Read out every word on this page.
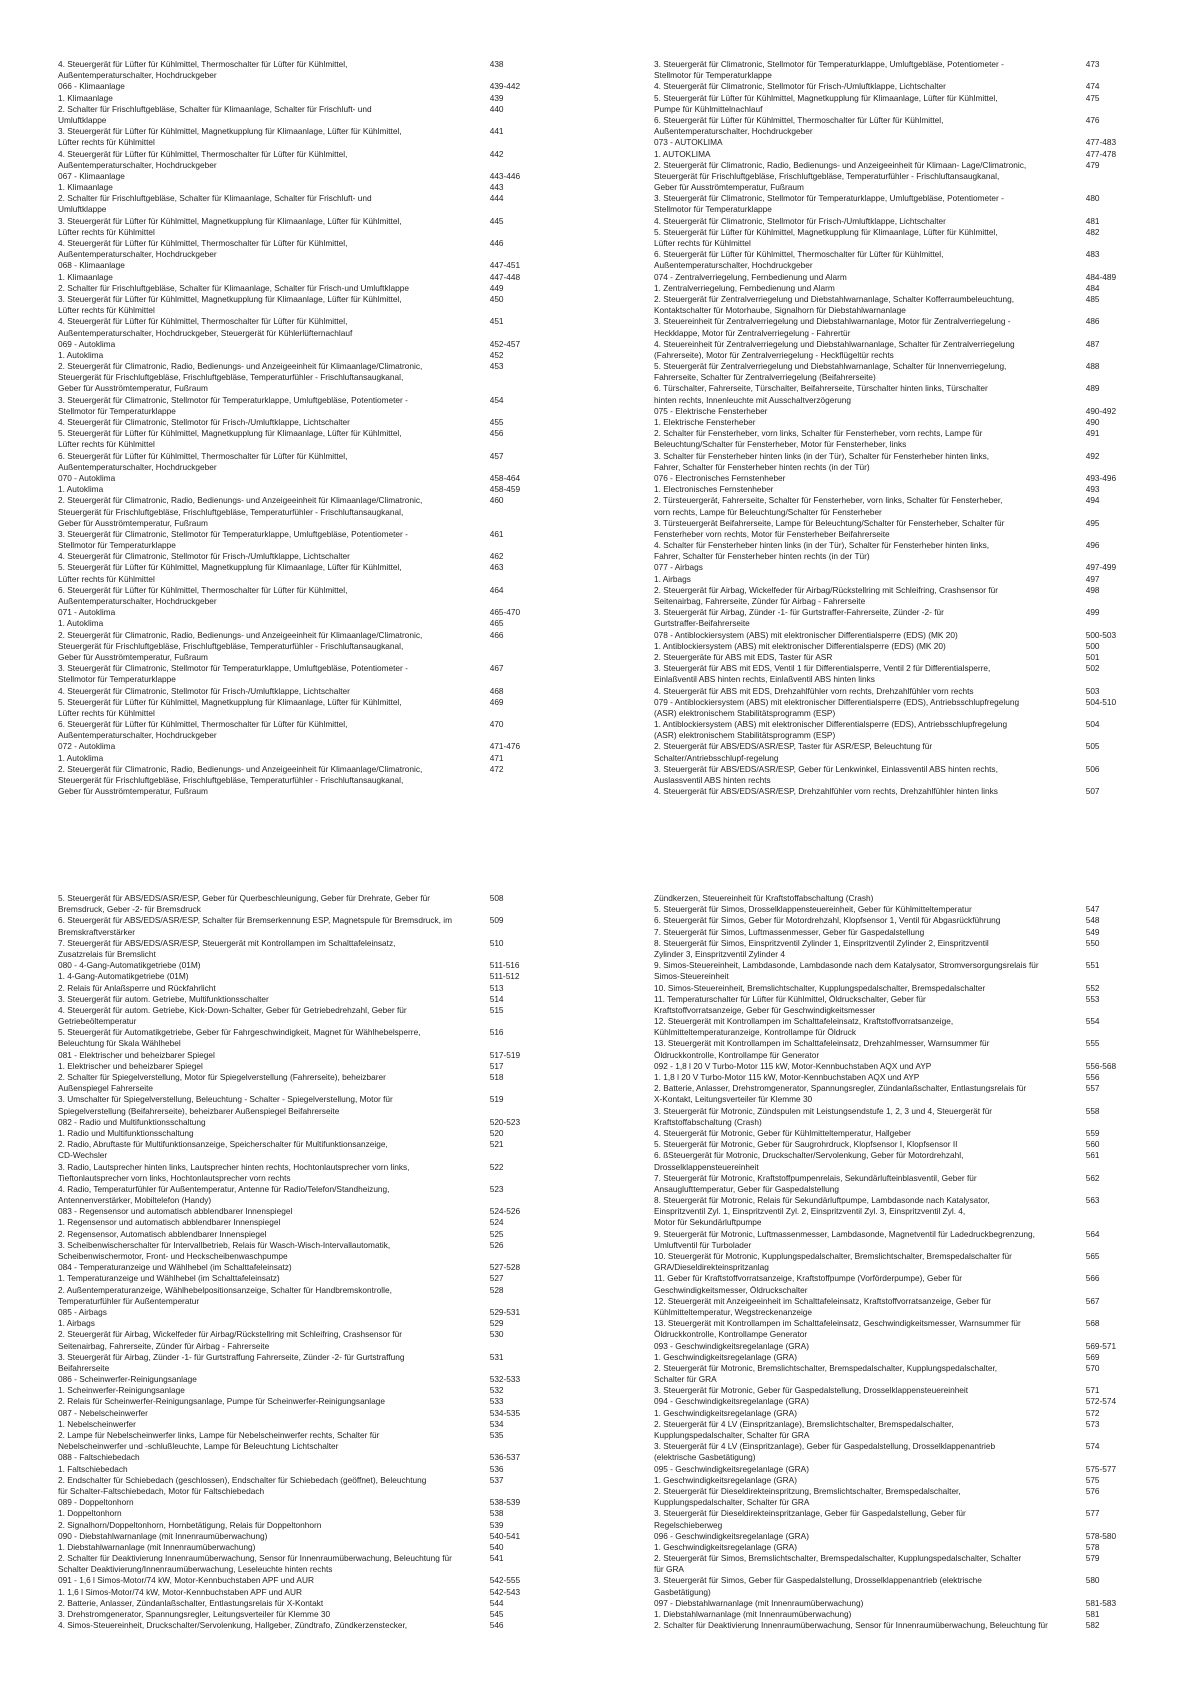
4. Steuergerät für Lüfter für Kühlmittel, Thermoschalter für Lüfter für Kühlmittel,	438
Außentemperaturschalter, Hochdruckgeber
066 - Klimaanlage	439-442
1. Klimaanlage	439
2. Schalter für Frischluftgebläse, Schalter für Klimaanlage, Schalter für Frischluft- und	440
Umluftklappe
3. Steuergerät für Lüfter für Kühlmittel, Magnetkupplung für Klimaanlage, Lüfter für Kühlmittel,	441
Lüfter rechts für Kühlmittel
4. Steuergerät für Lüfter für Kühlmittel, Thermoschalter für Lüfter für Kühlmittel,	442
Außentemperaturschalter, Hochdruckgeber
067 - Klimaanlage	443-446
1. Klimaanlage	443
2. Schalter für Frischluftgebläse, Schalter für Klimaanlage, Schalter für Frischluft- und	444
Umluftklappe
3. Steuergerät für Lüfter für Kühlmittel, Magnetkupplung für Klimaanlage, Lüfter für Kühlmittel,	445
Lüfter rechts für Kühlmittel
4. Steuergerät für Lüfter für Kühlmittel, Thermoschalter für Lüfter für Kühlmittel,	446
Außentemperaturschalter, Hochdruckgeber
068 - Klimaanlage	447-451
1. Klimaanlage	447-448
2. Schalter für Frischluftgebläse, Schalter für Klimaanlage, Schalter für Frisch-und Umluftklappe	449
3. Steuergerät für Lüfter für Kühlmittel, Magnetkupplung für Klimaanlage, Lüfter für Kühlmittel,	450
Lüfter rechts für Kühlmittel
4. Steuergerät für Lüfter für Kühlmittel, Thermoschalter für Lüfter für Kühlmittel,	451
Außentemperaturschalter, Hochdruckgeber, Steuergerät für Kühlerlüfternachlauf
069 - Autoklima	452-457
1. Autoklima	452
2. Steuergerät für Climatronic, Radio, Bedienungs- und Anzeigeeinheit für Klimaanlage/Climatronic,	453
Steuergerät für Frischluftgebläse, Frischluftgebläse, Temperaturfühler - Frischluftansaugkanal,
Geber für Ausströmtemperatur, Fußraum
3. Steuergerät für Climatronic, Stellmotor für Temperaturklappe, Umluftgebläse, Potentiometer -	454
Stellmotor für Temperaturklappe
4. Steuergerät für Climatronic, Stellmotor für Frisch-/Umluftklappe, Lichtschalter	455
5. Steuergerät für Lüfter für Kühlmittel, Magnetkupplung für Klimaanlage, Lüfter für Kühlmittel,	456
Lüfter rechts für Kühlmittel
6. Steuergerät für Lüfter für Kühlmittel, Thermoschalter für Lüfter für Kühlmittel,	457
Außentemperaturschalter, Hochdruckgeber
070 - Autoklima	458-464
1. Autoklima	458-459
2. Steuergerät für Climatronic, Radio, Bedienungs- und Anzeigeeinheit für Klimaanlage/Climatronic,	460
Steuergerät für Frischluftgebläse, Frischluftgebläse, Temperaturfühler - Frischluftansaugkanal,
Geber für Ausströmtemperatur, Fußraum
3. Steuergerät für Climatronic, Stellmotor für Temperaturklappe, Umluftgebläse, Potentiometer -	461
Stellmotor für Temperaturklappe
4. Steuergerät für Climatronic, Stellmotor für Frisch-/Umluftklappe, Lichtschalter	462
5. Steuergerät für Lüfter für Kühlmittel, Magnetkupplung für Klimaanlage, Lüfter für Kühlmittel,	463
Lüfter rechts für Kühlmittel
6. Steuergerät für Lüfter für Kühlmittel, Thermoschalter für Lüfter für Kühlmittel,	464
Außentemperaturschalter, Hochdruckgeber
071 - Autoklima	465-470
1. Autoklima	465
2. Steuergerät für Climatronic, Radio, Bedienungs- und Anzeigeeinheit für Klimaanlage/Climatronic,	466
Steuergerät für Frischluftgebläse, Frischluftgebläse, Temperaturfühler - Frischluftansaugkanal,
Geber für Ausströmtemperatur, Fußraum
3. Steuergerät für Climatronic, Stellmotor für Temperaturklappe, Umluftgebläse, Potentiometer -	467
Stellmotor für Temperaturklappe
4. Steuergerät für Climatronic, Stellmotor für Frisch-/Umluftklappe, Lichtschalter	468
5. Steuergerät für Lüfter für Kühlmittel, Magnetkupplung für Klimaanlage, Lüfter für Kühlmittel,	469
Lüfter rechts für Kühlmittel
6. Steuergerät für Lüfter für Kühlmittel, Thermoschalter für Lüfter für Kühlmittel,	470
Außentemperaturschalter, Hochdruckgeber
072 - Autoklima	471-476
1. Autoklima	471
2. Steuergerät für Climatronic, Radio, Bedienungs- und Anzeigeeinheit für Klimaanlage/Climatronic,	472
Steuergerät für Frischluftgebläse, Frischluftgebläse, Temperaturfühler - Frischluftansaugkanal,
Geber für Ausströmtemperatur, Fußraum
3. Steuergerät für Climatronic, Stellmotor für Temperaturklappe, Umluftgebläse, Potentiometer -	473
Stellmotor für Temperaturklappe
4. Steuergerät für Climatronic, Stellmotor für Frisch-/Umluftklappe, Lichtschalter	474
5. Steuergerät für Lüfter für Kühlmittel, Magnetkupplung für Klimaanlage, Lüfter für Kühlmittel,	475
Pumpe für Kühlmittelnachlauf
6. Steuergerät für Lüfter für Kühlmittel, Thermoschalter für Lüfter für Kühlmittel,	476
Außentemperaturschalter, Hochdruckgeber
073 - AUTOKLIMA	477-483
1. AUTOKLIMA	477-478
2. Steuergerät für Climatronic, Radio, Bedienungs- und Anzeigeeinheit für Klimaan- Lage/Climatronic,	479
Steuergerät für Frischluftgebläse, Frischluftgebläse, Temperaturfühler - Frischluftansaugkanal,
Geber für Ausströmtemperatur, Fußraum
3. Steuergerät für Climatronic, Stellmotor für Temperaturklappe, Umluftgebläse, Potentiometer -	480
Stellmotor für Temperaturklappe
4. Steuergerät für Climatronic, Stellmotor für Frisch-/Umluftklappe, Lichtschalter	481
5. Steuergerät für Lüfter für Kühlmittel, Magnetkupplung für Klimaanlage, Lüfter für Kühlmittel,	482
Lüfter rechts für Kühlmittel
6. Steuergerät für Lüfter für Kühlmittel, Thermoschalter für Lüfter für Kühlmittel,	483
Außentemperaturschalter, Hochdruckgeber
074 - Zentralverriegelung, Fernbedienung und Alarm	484-489
1. Zentralverriegelung, Fernbedienung und Alarm	484
2. Steuergerät für Zentralverriegelung und Diebstahlwarnanlage, Schalter Kofferraumbeleuchtung,	485
Kontaktschalter für Motorhaube, Signalhorn für Diebstahlwarnanlage
3. Steuereinheit für Zentralverriegelung und Diebstahlwarnanlage, Motor für Zentralverriegelung -	486
Heckklappe, Motor für Zentralverriegelung - Fahrertür
4. Steuereinheit für Zentralverriegelung und Diebstahlwarnanlage, Schalter für Zentralverriegelung	487
(Fahrerseite), Motor für Zentralverriegelung - Heckflügeltür rechts
5. Steuergerät für Zentralverriegelung und Diebstahlwarnanlage, Schalter für Innenverriegelung,	488
Fahrerseite, Schalter für Zentralverriegelung (Beifahrerseite)
6. Türschalter, Fahrerseite, Türschalter, Beifahrerseite, Türschalter hinten links, Türschalter	489
hinten rechts, Innenleuchte mit Ausschaltverzögerung
075 - Elektrische Fensterheber	490-492
1. Elektrische Fensterheber	490
2. Schalter für Fensterheber, vorn links, Schalter für Fensterheber, vorn rechts, Lampe für	491
Beleuchtung/Schalter für Fensterheber, Motor für Fensterheber, links
3. Schalter für Fensterheber hinten links (in der Tür), Schalter für Fensterheber hinten links,	492
Fahrer, Schalter für Fensterheber hinten rechts (in der Tür)
076 - Electronisches Fernstenheber	493-496
1. Electronisches Fernstenheber	493
2. Türsteuergerät, Fahrerseite, Schalter für Fensterheber, vorn links, Schalter für Fensterheber,	494
vorn rechts, Lampe für Beleuchtung/Schalter für Fensterheber
3. Türsteuergerät Beifahrerseite, Lampe für Beleuchtung/Schalter für Fensterheber, Schalter für	495
Fensterheber vorn rechts, Motor für Fensterheber Beifahrerseite
4. Schalter für Fensterheber hinten links (in der Tür), Schalter für Fensterheber hinten links,	496
Fahrer, Schalter für Fensterheber hinten rechts (in der Tür)
077 - Airbags	497-499
1. Airbags	497
2. Steuergerät für Airbag, Wickelfeder für Airbag/Rückstellring mit Schleifring, Crashsensor für	498
Seitenairbag, Fahrerseite, Zünder für Airbag - Fahrerseite
3. Steuergerät für Airbag, Zünder -1- für Gurtstraffer-Fahrerseite, Zünder -2- für	499
Gurtstraffer-Beifahrerseite
078 - Antiblockiersystem (ABS) mit elektronischer Differentialsperre (EDS) (MK 20)	500-503
1. Antiblockiersystem (ABS) mit elektronischer Differentialsperre (EDS) (MK 20)	500
2. Steuergeräte für ABS mit EDS, Taster für ASR	501
3. Steuergerät für ABS mit EDS, Ventil 1 für Differentialsperre, Ventil 2 für Differentialsperre,	502
Einlaßventil ABS hinten rechts, Einlaßventil ABS hinten links
4. Steuergerät für ABS mit EDS, Drehzahlfühler vorn rechts, Drehzahlfühler vorn rechts	503
079 - Antiblockiersystem (ABS) mit elektronischer Differentialsperre (EDS), Antriebsschlupfregelung	504-510
(ASR) elektronischem Stabilitätsprogramm (ESP)
1. Antiblockiersystem (ABS) mit elektronischer Differentialsperre (EDS), Antriebsschlupfregelung	504
(ASR) elektronischem Stabilitätsprogramm (ESP)
2. Steuergerät für ABS/EDS/ASR/ESP, Taster für ASR/ESP, Beleuchtung für	505
Schalter/Antriebsschlupf-regelung
3. Steuergerät für ABS/EDS/ASR/ESP, Geber für Lenkwinkel, Einlassventil ABS hinten rechts,	506
Auslassventil ABS hinten rechts
4. Steuergerät für ABS/EDS/ASR/ESP, Drehzahlfühler vorn rechts, Drehzahlfühler hinten links	507
5. Steuergerät für ABS/EDS/ASR/ESP, Geber für Querbeschleunigung, Geber für Drehrate, Geber für	508
Bremsdruck, Geber -2- für Bremsdruck
6. Steuergerät für ABS/EDS/ASR/ESP, Schalter für Bremserkennung ESP, Magnetspule für Bremsdruck, im	509
Bremskraftverstärker
7. Steuergerät für ABS/EDS/ASR/ESP, Steuergerät mit Kontrollampen im Schalttafeleinsatz,	510
Zusatzrelais für Bremslicht
080 - 4-Gang-Automatikgetriebe (01M)	511-516
1. 4-Gang-Automatikgetriebe (01M)	511-512
2. Relais für Anlaßsperre und Rückfahrlicht	513
3. Steuergerät für autom. Getriebe, Multifunktionsschalter	514
4. Steuergerät für autom. Getriebe, Kick-Down-Schalter, Geber für Getriebedrehzahl, Geber für	515
Getriebeöltemperatur
5. Steuergerät für Automatikgetriebe, Geber für Fahrgeschwindigkeit, Magnet für Wählhebelsperre,	516
Beleuchtung für Skala Wählhebel
081 - Elektrischer und beheizbarer Spiegel	517-519
1. Elektrischer und beheizbarer Spiegel	517
2. Schalter für Spiegelverstellung, Motor für Spiegelverstellung (Fahrerseite), beheizbarer	518
Außenspiegel Fahrerseite
3. Umschalter für Spiegelverstellung, Beleuchtung - Schalter - Spiegelverstellung, Motor für	519
Spiegelverstellung (Beifahrerseite), beheizbarer Außenspiegel Beifahrerseite
082 - Radio und Multifunktionsschaltung	520-523
1. Radio und Multifunktionsschaltung	520
2. Radio, Abruftaste für Multifunktionsanzeige, Speicherschalter für Multifunktionsanzeige,	521
CD-Wechsler
3. Radio, Lautsprecher hinten links, Lautsprecher hinten rechts, Hochtonlautsprecher vorn links,	522
Tieftonlautsprecher vorn links, Hochtonlautsprecher vorn rechts
4. Radio, Temperaturfühler für Außentemperatur, Antenne für Radio/Telefon/Standheizung,	523
Antennenverstärker, Mobiltelefon (Handy)
083 - Regensensor und automatisch abblendbarer Innenspiegel	524-526
1. Regensensor und automatisch abblendbarer Innenspiegel	524
2. Regensensor, Automatisch abblendbarer Innenspiegel	525
3. Scheibenwischerschalter für Intervallbetrieb, Relais für Wasch-Wisch-Intervallautomatik,	526
Scheibenwischermotor, Front- und Heckscheibenwaschpumpe
084 - Temperaturanzeige und Wählhebel (im Schalttafeleinsatz)	527-528
1. Temperaturanzeige und Wählhebel (im Schalttafeleinsatz)	527
2. Außentemperaturanzeige, Wählhebelpositionsanzeige, Schalter für Handbremskontrolle,	528
Temperaturfühler für Außentemperatur
085 - Airbags	529-531
1. Airbags	529
2. Steuergerät für Airbag, Wickelfeder für Airbag/Rückstellring mit Schleifring, Crashsensor für	530
Seitenairbag, Fahrerseite, Zünder für Airbag - Fahrerseite
3. Steuergerät für Airbag, Zünder -1- für Gurtstraffung Fahrerseite, Zünder -2- für Gurtstraffung	531
Beifahrerseite
086 - Scheinwerfer-Reinigungsanlage	532-533
1. Scheinwerfer-Reinigungsanlage	532
2. Relais für Scheinwerfer-Reinigungsanlage, Pumpe für Scheinwerfer-Reinigungsanlage	533
087 - Nebelscheinwerfer	534-535
1. Nebelscheinwerfer	534
2. Lampe für Nebelscheinwerfer links, Lampe für Nebelscheinwerfer rechts, Schalter für	535
Nebelscheinwerfer und -schlußleuchte, Lampe für Beleuchtung Lichtschalter
088 - Faltschiebedach	536-537
1. Faltschiebedach	536
2. Endschalter für Schiebedach (geschlossen), Endschalter für Schiebedach (geöffnet), Beleuchtung	537
für Schalter-Faltschiebedach, Motor für Faltschiebedach
089 - Doppeltonhorn	538-539
1. Doppeltonhorn	538
2. Signalhorn/Doppeltonhorn, Hornbetätigung, Relais für Doppeltonhorn	539
090 - Diebstahlwarnanlage (mit Innenraumüberwachung)	540-541
1. Diebstahlwarnanlage (mit Innenraumüberwachung)	540
2. Schalter für Deaktivierung Innenraumüberwachung, Sensor für Innenraumüberwachung, Beleuchtung für	541
Schalter Deaktivierung/Innenraumüberwachung, Leseleuchte hinten rechts
091 - 1,6 l Simos-Motor/74 kW, Motor-Kennbuchstaben APF und AUR	542-555
1. 1,6 l Simos-Motor/74 kW, Motor-Kennbuchstaben APF und AUR	542-543
2. Batterie, Anlasser, Zündanlaßschalter, Entlastungsrelais für X-Kontakt	544
3. Drehstromgenerator, Spannungsregler, Leitungsverteiler für Klemme 30	545
4. Simos-Steuereinheit, Druckschalter/Servolenkung, Hallgeber, Zündtrafo, Zündkerzenstecker,	546
Zündkerzen, Steuereinheit für Kraftstoffabschaltung (Crash)
5. Steuergerät für Simos, Drosselklappensteuereinheit, Geber für Kühlmitteltemperatur	547
6. Steuergerät für Simos, Geber für Motordrehzahl, Klopfsensor 1, Ventil für Abgasrückführung	548
7. Steuergerät für Simos, Luftmassenmesser, Geber für Gaspedalstellung	549
8. Steuergerät für Simos, Einspritzventil Zylinder 1, Einspritzventil Zylinder 2, Einspritzventil	550
Zylinder 3, Einspritzventil Zylinder 4
9. Simos-Steuereinheit, Lambdasonde, Lambdasonde nach dem Katalysator, Stromversorgungsrelais für	551
Simos-Steuereinheit
10. Simos-Steuereinheit, Bremslichtschalter, Kupplungspedalschalter, Bremspedalschalter	552
11. Temperaturschalter für Lüfter für Kühlmittel, Öldruckschalter, Geber für	553
Kraftstoffvorratsanzeige, Geber für Geschwindigkeitsmesser
12. Steuergerät mit Kontrollampen im Schalttafeleinsatz, Kraftstoffvorratsanzeige,	554
Kühlmitteltemperaturanzeige, Kontrollampe für Öldruck
13. Steuergerät mit Kontrollampen im Schalttafeleinsatz, Drehzahlmesser, Warnsummer für	555
Öldruckkontrolle, Kontrollampe für Generator
092 - 1,8 l 20 V Turbo-Motor 115 kW, Motor-Kennbuchstaben AQX und AYP	556-568
1. 1,8 l 20 V Turbo-Motor 115 kW, Motor-Kennbuchstaben AQX und AYP	556
2. Batterie, Anlasser, Drehstromgenerator, Spannungsregler, Zündanlaßschalter, Entlastungsrelais für	557
X-Kontakt, Leitungsverteiler für Klemme 30
3. Steuergerät für Motronic, Zündspulen mit Leistungsendstufe 1, 2, 3 und 4, Steuergerät für	558
Kraftstoffabschaltung (Crash)
4. Steuergerät für Motronic, Geber für Kühlmitteltemperatur, Hallgeber	559
5. Steuergerät für Motronic, Geber für Saugrohrdruck, Klopfsensor I, Klopfsensor II	560
6. ßSteuergerät für Motronic, Druckschalter/Servolenkung, Geber für Motordrehzahl,	561
Drosselklappensteuereinheit
7. Steuergerät für Motronic, Kraftstoffpumpenrelais, Sekundärlufteinblasventil, Geber für	562
Ansauglufttemperatur, Geber für Gaspedalstellung
8. Steuergerät für Motronic, Relais für Sekundärluftpumpe, Lambdasonde nach Katalysator,	563
Einspritzventil Zyl. 1, Einspritzventil Zyl. 2, Einspritzventil Zyl. 3, Einspritzventil Zyl. 4,
Motor für Sekundärluftpumpe
9. Steuergerät für Motronic, Luftmassenmesser, Lambdasonde, Magnetventil für Ladedruckbegrenzung,	564
Umluftventil für Turbolader
10. Steuergerät für Motronic, Kupplungspedalschalter, Bremslichtschalter, Bremspedalschalter für	565
GRA/Dieseldirekteinspritzanlag
11. Geber für Kraftstoffvorratsanzeige, Kraftstoffpumpe (Vorförderpumpe), Geber für	566
Geschwindigkeitsmesser, Öldruckschalter
12. Steuergerät mit Anzeigeeinheit im Schalttafeleinsatz, Kraftstoffvorratsanzeige, Geber für	567
Kühlmitteltemperatur, Wegstreckenanzeige
13. Steuergerät mit Kontrollampen im Schalttafeleinsatz, Geschwindigkeitsmesser, Warnsummer für	568
Öldruckkontrolle, Kontrollampe Generator
093 - Geschwindigkeitsregelanlage (GRA)	569-571
1. Geschwindigkeitsregelanlage (GRA)	569
2. Steuergerät für Motronic, Bremslichtschalter, Bremspedalschalter, Kupplungspedalschalter,	570
Schalter für GRA
3. Steuergerät für Motronic, Geber für Gaspedalstellung, Drosselklappensteuereinheit	571
094 - Geschwindigkeitsregelanlage (GRA)	572-574
1. Geschwindigkeitsregelanlage (GRA)	572
2. Steuergerät für 4 LV (Einspritzanlage), Bremslichtschalter, Bremspedalschalter,	573
Kupplungspedalschalter, Schalter für GRA
3. Steuergerät für 4 LV (Einspritzanlage), Geber für Gaspedalstellung, Drosselklappenantrieb	574
(elektrische Gasbetätigung)
095 - Geschwindigkeitsregelanlage (GRA)	575-577
1. Geschwindigkeitsregelanlage (GRA)	575
2. Steuergerät für Dieseldirekteinspritzung, Bremslichtschalter, Bremspedalschalter,	576
Kupplungspedalschalter, Schalter für GRA
3. Steuergerät für Dieseldirekteinspritzanlage, Geber für Gaspedalstellung, Geber für	577
Regelschieberweg
096 - Geschwindigkeitsregelanlage (GRA)	578-580
1. Geschwindigkeitsregelanlage (GRA)	578
2. Steuergerät für Simos, Bremslichtschalter, Bremspedalschalter, Kupplungspedalschalter, Schalter	579
für GRA
3. Steuergerät für Simos, Geber für Gaspedalstellung, Drosselklappenantrieb (elektrische	580
Gasbetätigung)
097 - Diebstahlwarnanlage (mit Innenraumüberwachung)	581-583
1. Diebstahlwarnanlage (mit Innenraumüberwachung)	581
2. Schalter für Deaktivierung Innenraumüberwachung, Sensor für Innenraumüberwachung, Beleuchtung für	582
